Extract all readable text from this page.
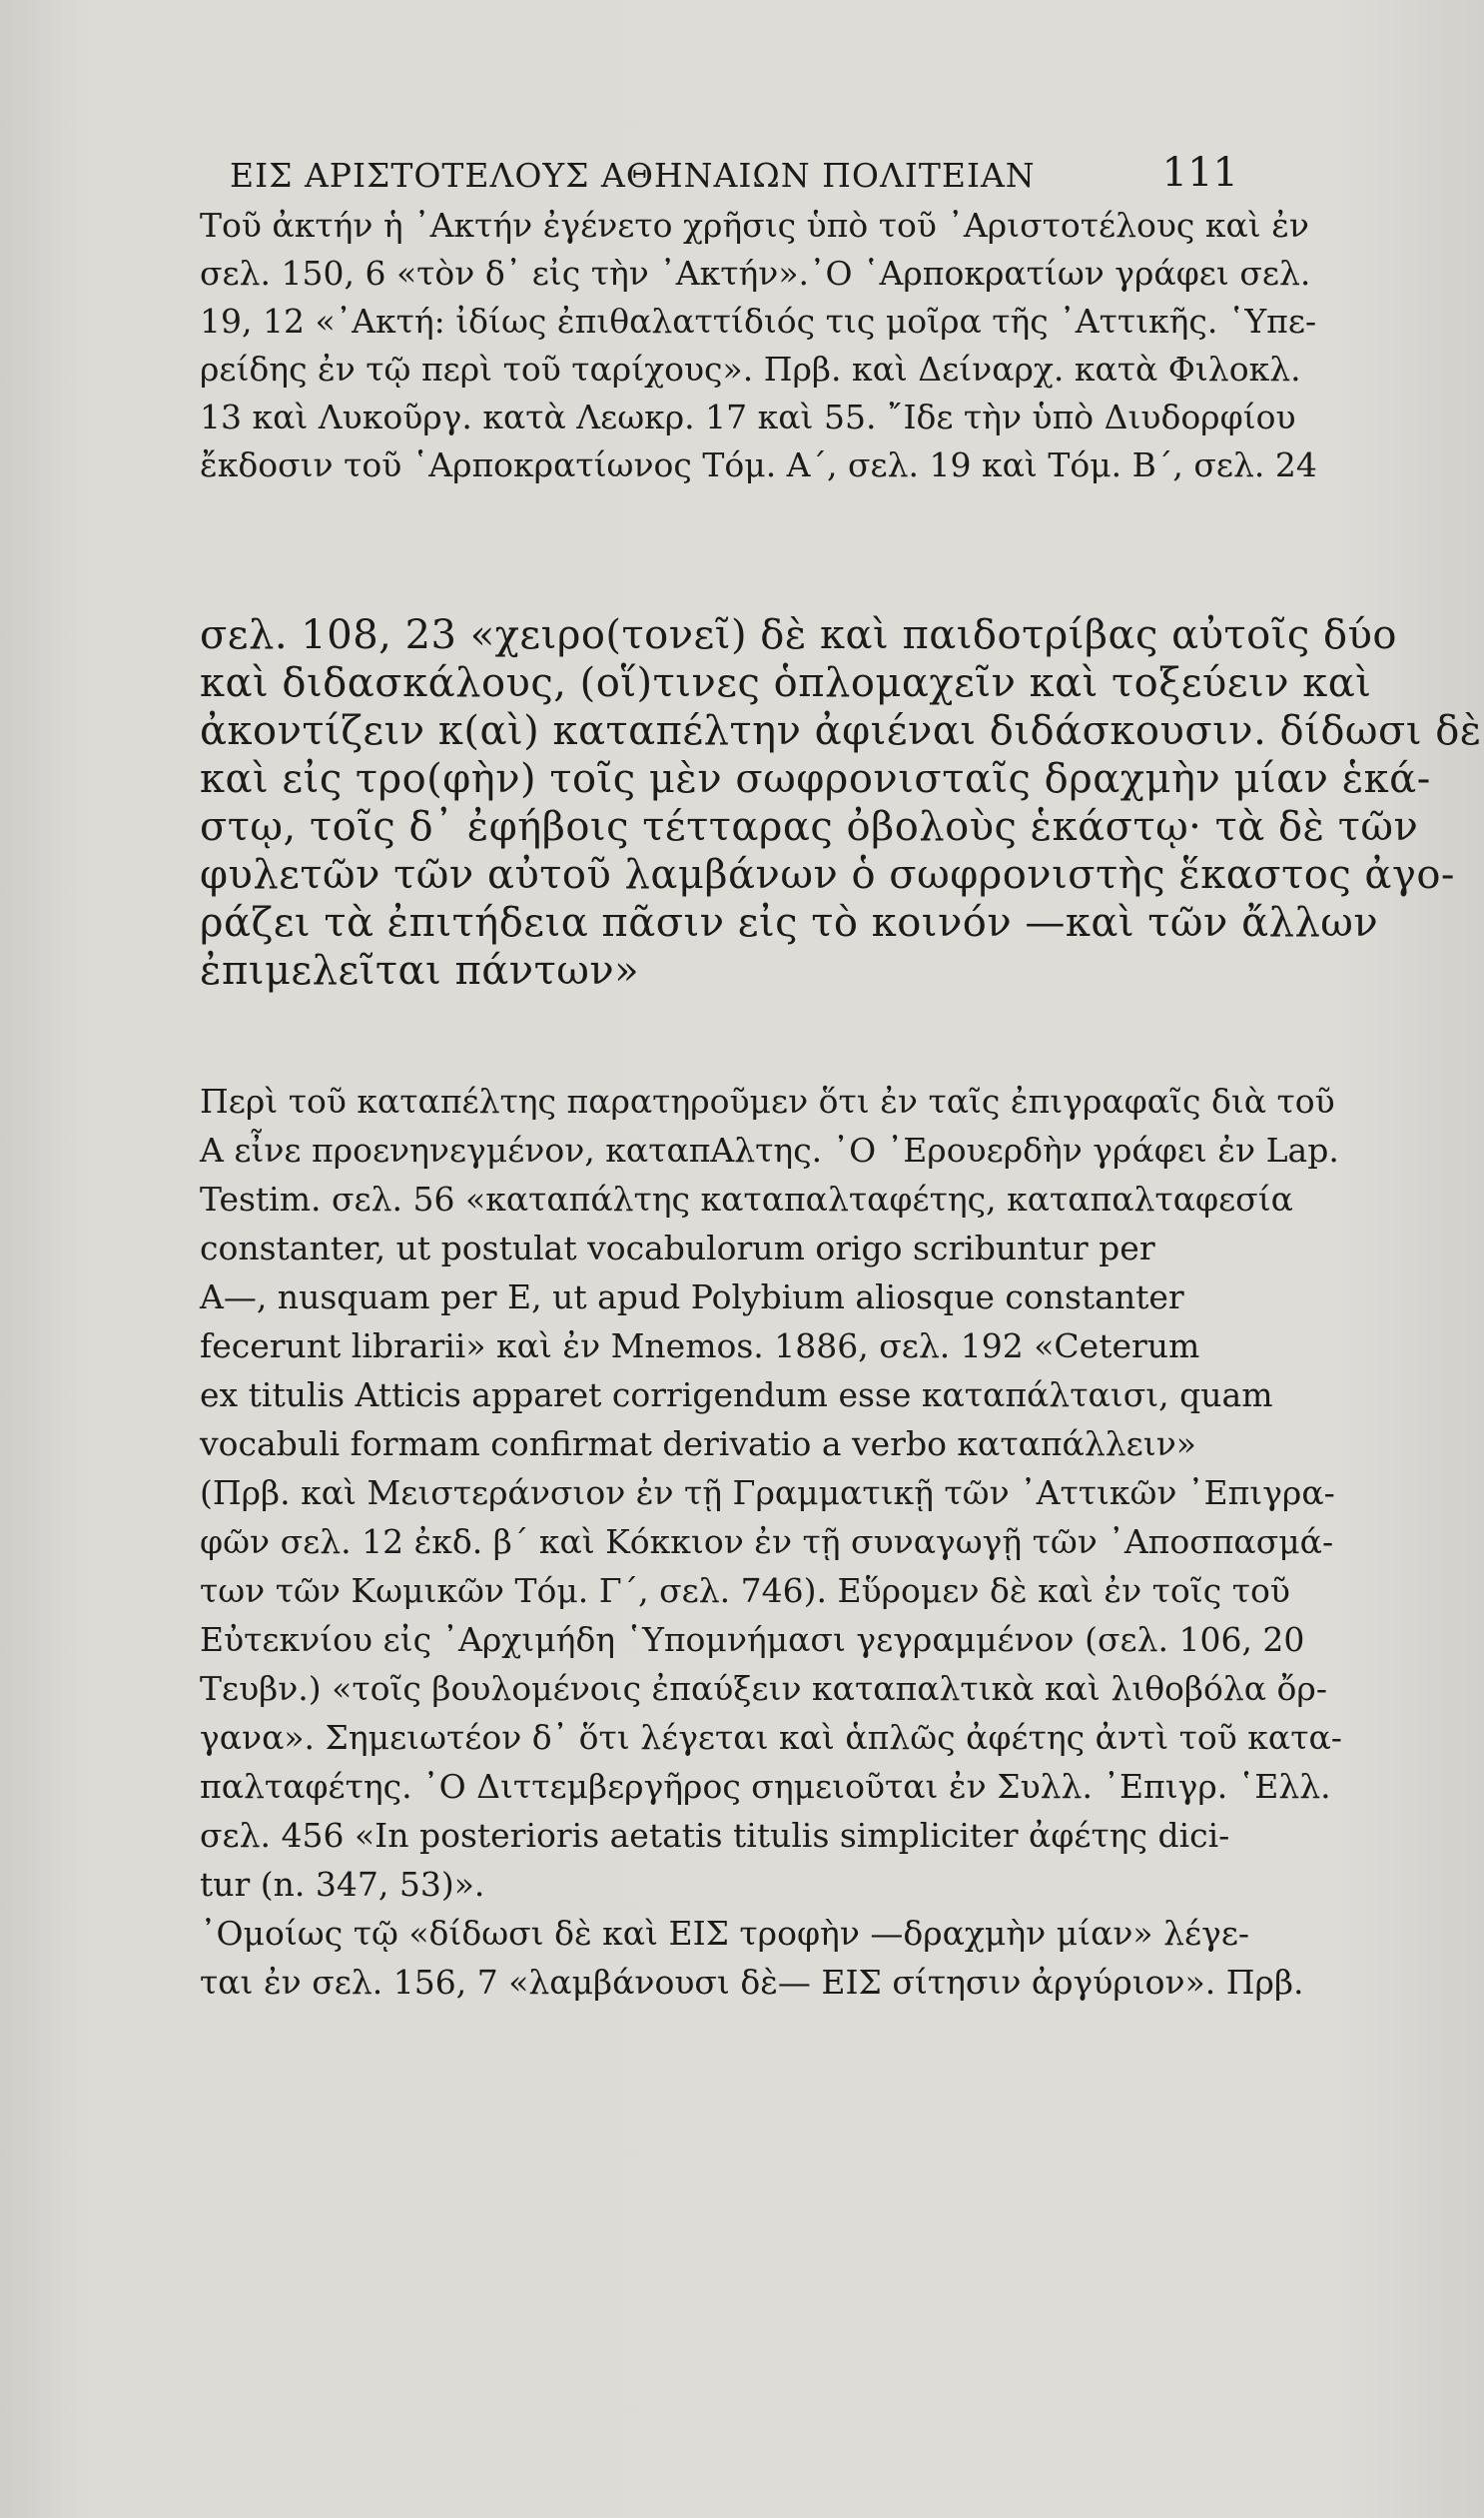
ΕΙΣ ΑΡΙΣΤΟΤΕΛΟΥΣ ΑΘΗΝΑΙΩΝ ΠΟΛΙΤΕΙΑΝ	111

Τοῦ ἀκτήν ἡ ᾿Ακτήν ἐγένετο χρῆσις ὑπὸ τοῦ ᾿Αριστοτέλους καὶ ἐν

σελ. 150, 6 «τὸν δ᾿ εἰς τὴν ᾿Ακτήν».᾿Ο ῾Αρποκρατίων γράφει σελ.

19, 12 «᾿Ακτή: ἰδίως ἐπιθαλαττίδιός τις μοῖρα τῆς ᾿Αττικῆς. ῾Υπε-

ρείδης ἐν τῷ περὶ τοῦ ταρίχους». Πρβ. καὶ Δείναρχ. κατὰ Φιλοκλ.

13 καὶ Λυκοῦργ. κατὰ Λεωκρ. 17 καὶ 55. ῎Ιδε τὴν ὑπὸ Διυδορφίου

ἔκδοσιν τοῦ ῾Αρποκρατίωνος Τόμ. Α΄, σελ. 19 καὶ Τόμ. Β΄, σελ. 24

σελ. 108, 23 «χειρο(τονεῖ) δὲ καὶ παιδοτρίβας αὐτοῖς δύο

καὶ διδασκάλους, (οἵ)τινες ὁπλομαχεῖν καὶ τοξεύειν καὶ

ἀκοντίζειν κ(αὶ) καταπέλτην ἀφιέναι διδάσκουσιν. δίδωσι δὲ

καὶ εἰς τρο(φὴν) τοῖς μὲν σωφρονισταῖς δραχμὴν μίαν ἑκά-

στῳ, τοῖς δ᾿ ἐφήβοις τέτταρας ὀβολοὺς ἑκάστῳ· τὰ δὲ τῶν

φυλετῶν τῶν αὐτοῦ λαμβάνων ὁ σωφρονιστὴς ἕκαστος ἀγο-

ράζει τὰ ἐπιτήδεια πᾶσιν εἰς τὸ κοινόν —καὶ τῶν ἄλλων

ἐπιμελεῖται πάντων»

Περὶ τοῦ καταπέλτης παρατηροῦμεν ὅτι ἐν ταῖς ἐπιγραφαῖς διὰ τοῦ

Α εἶνε προενηνεγμένον, καταπΑλτης. ᾿Ο ᾿Ερουερδὴν γράφει ἐν Lap.

Testim. σελ. 56 «καταπάλτης καταπαλταφέτης, καταπαλταφεσία

constanter, ut postulat vocabulorum origo scribuntur per

Α—, nusquam per E, ut apud Polybium aliosque constanter

fecerunt librarii» καὶ ἐν Mnemos. 1886, σελ. 192 «Ceterum

ex titulis Atticis apparet corrigendum esse καταπάλταισι, quam

vocabuli formam confirmat derivatio a verbo καταπάλλειν»

(Πρβ. καὶ Μειστεράνσιον ἐν τῇ Γραμματικῇ τῶν ᾿Αττικῶν ᾿Επιγρα-

φῶν σελ. 12 ἐκδ. β΄ καὶ Κόκκιον ἐν τῇ συναγωγῇ τῶν ᾿Αποσπασμά-

των τῶν Κωμικῶν Τόμ. Γ΄, σελ. 746). Εὕρομεν δὲ καὶ ἐν τοῖς τοῦ

Εὐτεκνίου εἰς ᾿Αρχιμήδη ῾Υπομνήμασι γεγραμμένον (σελ. 106, 20

Τευβν.) «τοῖς βουλομένοις ἐπαύξειν καταπαλτικὰ καὶ λιθοβόλα ὄρ-

γανα». Σημειωτέον δ᾿ ὅτι λέγεται καὶ ἁπλῶς ἀφέτης ἀντὶ τοῦ κατα-

παλταφέτης. ᾿Ο Διττεμβεργῆρος σημειοῦται ἐν Συλλ. ᾿Επιγρ. ῾Ελλ.

σελ. 456 «In posterioris aetatis titulis simpliciter ἀφέτης dici-

tur (n. 347, 53)».

᾿Ομοίως τῷ «δίδωσι δὲ καὶ ΕΙΣ τροφὴν —δραχμὴν μίαν» λέγε-

ται ἐν σελ. 156, 7 «λαμβάνουσι δὲ— ΕΙΣ σίτησιν ἀργύριον». Πρβ.
